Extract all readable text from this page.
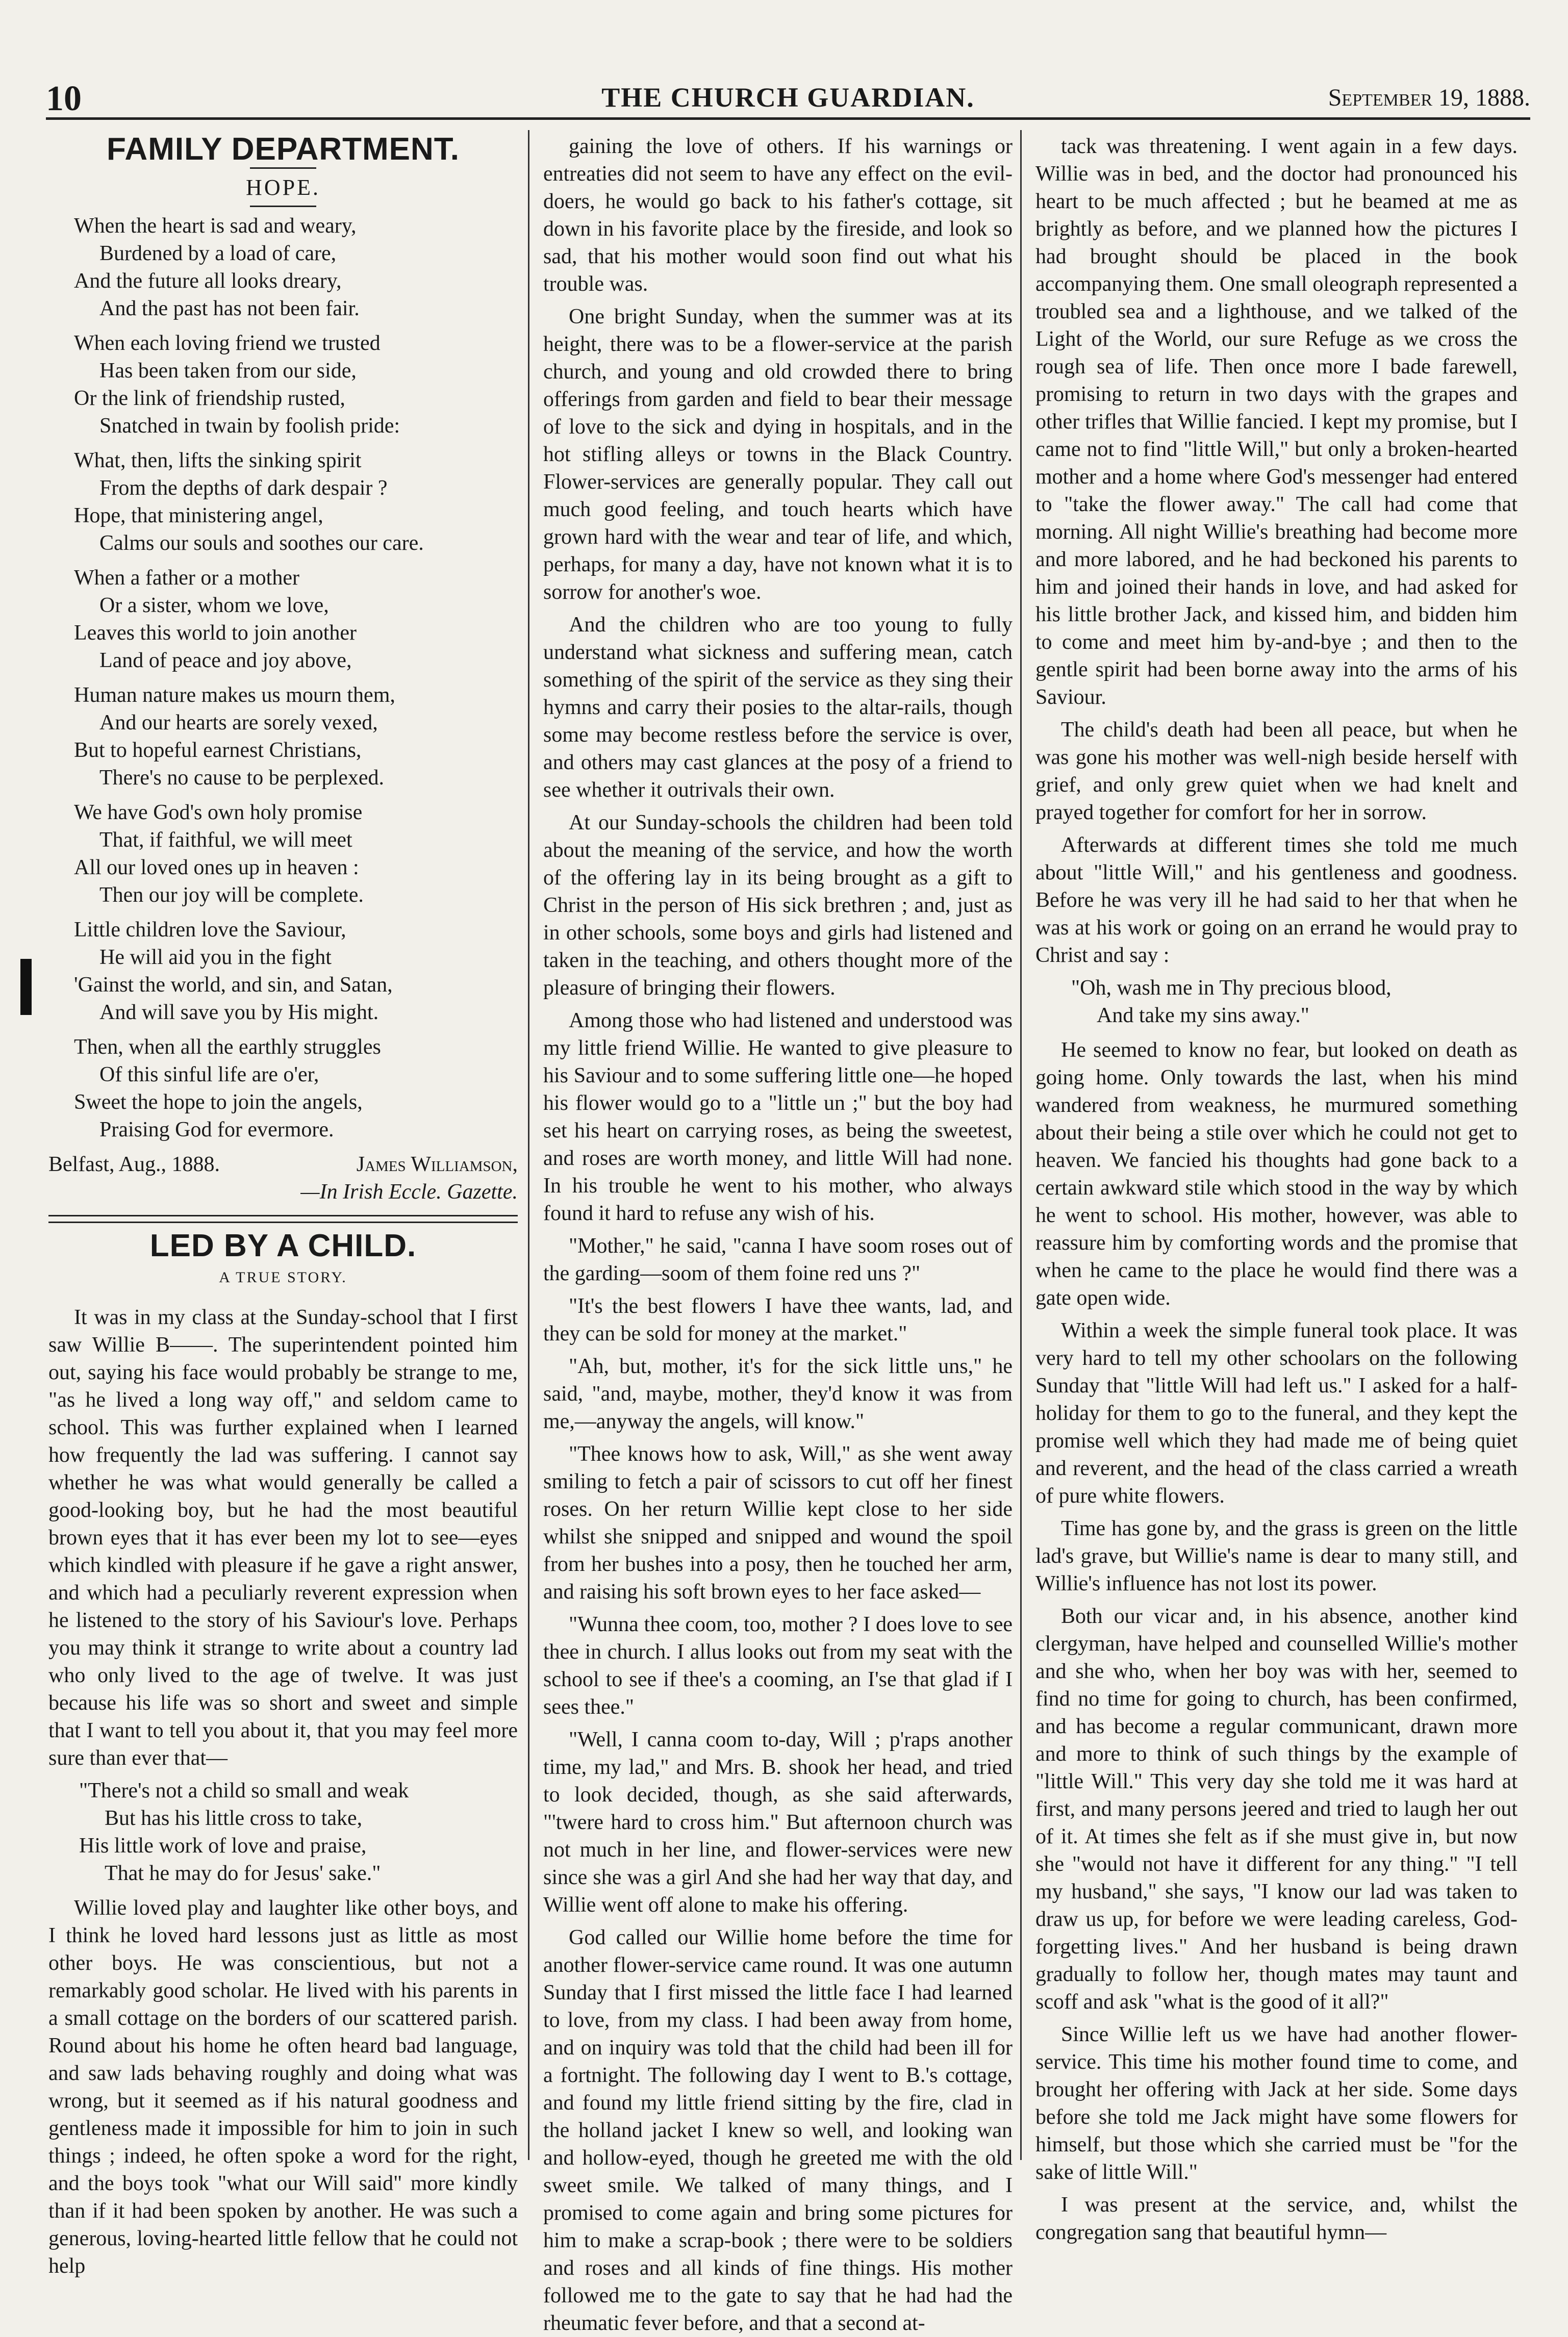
10	THE CHURCH GUARDIAN.	September 19, 1888.
FAMILY DEPARTMENT.
HOPE.

When the heart is sad and weary,

Burdened by a load of care,

And the future all looks dreary,

And the past has not been fair.

When each loving friend we trusted

Has been taken from our side,

Or the link of friendship rusted,

Snatched in twain by foolish pride:

What, then, lifts the sinking spirit

From the depths of dark despair ?

Hope, that ministering angel,

Calms our souls and soothes our care.

When a father or a mother

Or a sister, whom we love,

Leaves this world to join another

Land of peace and joy above,

Human nature makes us mourn them,

And our hearts are sorely vexed,

But to hopeful earnest Christians,

There's no cause to be perplexed.

We have God's own holy promise

That, if faithful, we will meet

All our loved ones up in heaven :

Then our joy will be complete.

Little children love the Saviour,

He will aid you in the fight

'Gainst the world, and sin, and Satan,

And will save you by His might.

Then, when all the earthly struggles

Of this sinful life are o'er,

Sweet the hope to join the angels,

Praising God for evermore.

Belfast, Aug., 1888.	James Williamson,
—In Irish Eccle. Gazette.
LED BY A CHILD.
A TRUE STORY.

It was in my class at the Sunday-school that I first saw Willie B——. The superintendent pointed him out, saying his face would probably be strange to me, "as he lived a long way off," and seldom came to school. This was further explained when I learned how frequently the lad was suffering. I cannot say whether he was what would generally be called a good-looking boy, but he had the most beautiful brown eyes that it has ever been my lot to see—eyes which kindled with pleasure if he gave a right answer, and which had a peculiarly reverent expression when he listened to the story of his Saviour's love. Perhaps you may think it strange to write about a country lad who only lived to the age of twelve. It was just because his life was so short and sweet and simple that I want to tell you about it, that you may feel more sure than ever that—

"There's not a child so small and weak

But has his little cross to take,

His little work of love and praise,

That he may do for Jesus' sake."

Willie loved play and laughter like other boys, and I think he loved hard lessons just as little as most other boys. He was conscientious, but not a remarkably good scholar. He lived with his parents in a small cottage on the borders of our scattered parish. Round about his home he often heard bad language, and saw lads behaving roughly and doing what was wrong, but it seemed as if his natural goodness and gentleness made it impossible for him to join in such things ; indeed, he often spoke a word for the right, and the boys took "what our Will said" more kindly than if it had been spoken by another. He was such a generous, loving-hearted little fellow that he could not help

gaining the love of others. If his warnings or entreaties did not seem to have any effect on the evil-doers, he would go back to his father's cottage, sit down in his favorite place by the fireside, and look so sad, that his mother would soon find out what his trouble was.

One bright Sunday, when the summer was at its height, there was to be a flower-service at the parish church, and young and old crowded there to bring offerings from garden and field to bear their message of love to the sick and dying in hospitals, and in the hot stifling alleys or towns in the Black Country. Flower-services are generally popular. They call out much good feeling, and touch hearts which have grown hard with the wear and tear of life, and which, perhaps, for many a day, have not known what it is to sorrow for another's woe.

And the children who are too young to fully understand what sickness and suffering mean, catch something of the spirit of the service as they sing their hymns and carry their posies to the altar-rails, though some may become restless before the service is over, and others may cast glances at the posy of a friend to see whether it outrivals their own.

At our Sunday-schools the children had been told about the meaning of the service, and how the worth of the offering lay in its being brought as a gift to Christ in the person of His sick brethren ; and, just as in other schools, some boys and girls had listened and taken in the teaching, and others thought more of the pleasure of bringing their flowers.

Among those who had listened and understood was my little friend Willie. He wanted to give pleasure to his Saviour and to some suffering little one—he hoped his flower would go to a "little un ;" but the boy had set his heart on carrying roses, as being the sweetest, and roses are worth money, and little Will had none. In his trouble he went to his mother, who always found it hard to refuse any wish of his.

"Mother," he said, "canna I have soom roses out of the garding—soom of them foine red uns ?"

"It's the best flowers I have thee wants, lad, and they can be sold for money at the market."

"Ah, but, mother, it's for the sick little uns," he said, "and, maybe, mother, they'd know it was from me,—anyway the angels, will know."

"Thee knows how to ask, Will," as she went away smiling to fetch a pair of scissors to cut off her finest roses. On her return Willie kept close to her side whilst she snipped and snipped and wound the spoil from her bushes into a posy, then he touched her arm, and raising his soft brown eyes to her face asked—

"Wunna thee coom, too, mother ? I does love to see thee in church. I allus looks out from my seat with the school to see if thee's a cooming, an I'se that glad if I sees thee."

"Well, I canna coom to-day, Will ; p'raps another time, my lad," and Mrs. B. shook her head, and tried to look decided, though, as she said afterwards, "'twere hard to cross him." But afternoon church was not much in her line, and flower-services were new since she was a girl And she had her way that day, and Willie went off alone to make his offering.

God called our Willie home before the time for another flower-service came round. It was one autumn Sunday that I first missed the little face I had learned to love, from my class. I had been away from home, and on inquiry was told that the child had been ill for a fortnight. The following day I went to B.'s cottage, and found my little friend sitting by the fire, clad in the holland jacket I knew so well, and looking wan and hollow-eyed, though he greeted me with the old sweet smile. We talked of many things, and I promised to come again and bring some pictures for him to make a scrap-book ; there were to be soldiers and roses and all kinds of fine things. His mother followed me to the gate to say that he had had the rheumatic fever before, and that a second at-

tack was threatening. I went again in a few days. Willie was in bed, and the doctor had pronounced his heart to be much affected ; but he beamed at me as brightly as before, and we planned how the pictures I had brought should be placed in the book accompanying them. One small oleograph represented a troubled sea and a lighthouse, and we talked of the Light of the World, our sure Refuge as we cross the rough sea of life. Then once more I bade farewell, promising to return in two days with the grapes and other trifles that Willie fancied. I kept my promise, but I came not to find "little Will," but only a broken-hearted mother and a home where God's messenger had entered to "take the flower away." The call had come that morning. All night Willie's breathing had become more and more labored, and he had beckoned his parents to him and joined their hands in love, and had asked for his little brother Jack, and kissed him, and bidden him to come and meet him by-and-bye ; and then to the gentle spirit had been borne away into the arms of his Saviour.

The child's death had been all peace, but when he was gone his mother was well-nigh beside herself with grief, and only grew quiet when we had knelt and prayed together for comfort for her in sorrow.

Afterwards at different times she told me much about "little Will," and his gentleness and goodness. Before he was very ill he had said to her that when he was at his work or going on an errand he would pray to Christ and say :

"Oh, wash me in Thy precious blood,

And take my sins away."

He seemed to know no fear, but looked on death as going home. Only towards the last, when his mind wandered from weakness, he murmured something about their being a stile over which he could not get to heaven. We fancied his thoughts had gone back to a certain awkward stile which stood in the way by which he went to school. His mother, however, was able to reassure him by comforting words and the promise that when he came to the place he would find there was a gate open wide.

Within a week the simple funeral took place. It was very hard to tell my other schoolars on the following Sunday that "little Will had left us." I asked for a half-holiday for them to go to the funeral, and they kept the promise well which they had made me of being quiet and reverent, and the head of the class carried a wreath of pure white flowers.

Time has gone by, and the grass is green on the little lad's grave, but Willie's name is dear to many still, and Willie's influence has not lost its power.

Both our vicar and, in his absence, another kind clergyman, have helped and counselled Willie's mother and she who, when her boy was with her, seemed to find no time for going to church, has been confirmed, and has become a regular communicant, drawn more and more to think of such things by the example of "little Will." This very day she told me it was hard at first, and many persons jeered and tried to laugh her out of it. At times she felt as if she must give in, but now she "would not have it different for any thing." "I tell my husband," she says, "I know our lad was taken to draw us up, for before we were leading careless, God-forgetting lives." And her husband is being drawn gradually to follow her, though mates may taunt and scoff and ask "what is the good of it all?"

Since Willie left us we have had another flower-service. This time his mother found time to come, and brought her offering with Jack at her side. Some days before she told me Jack might have some flowers for himself, but those which she carried must be "for the sake of little Will."

I was present at the service, and, whilst the congregation sang that beautiful hymn—
